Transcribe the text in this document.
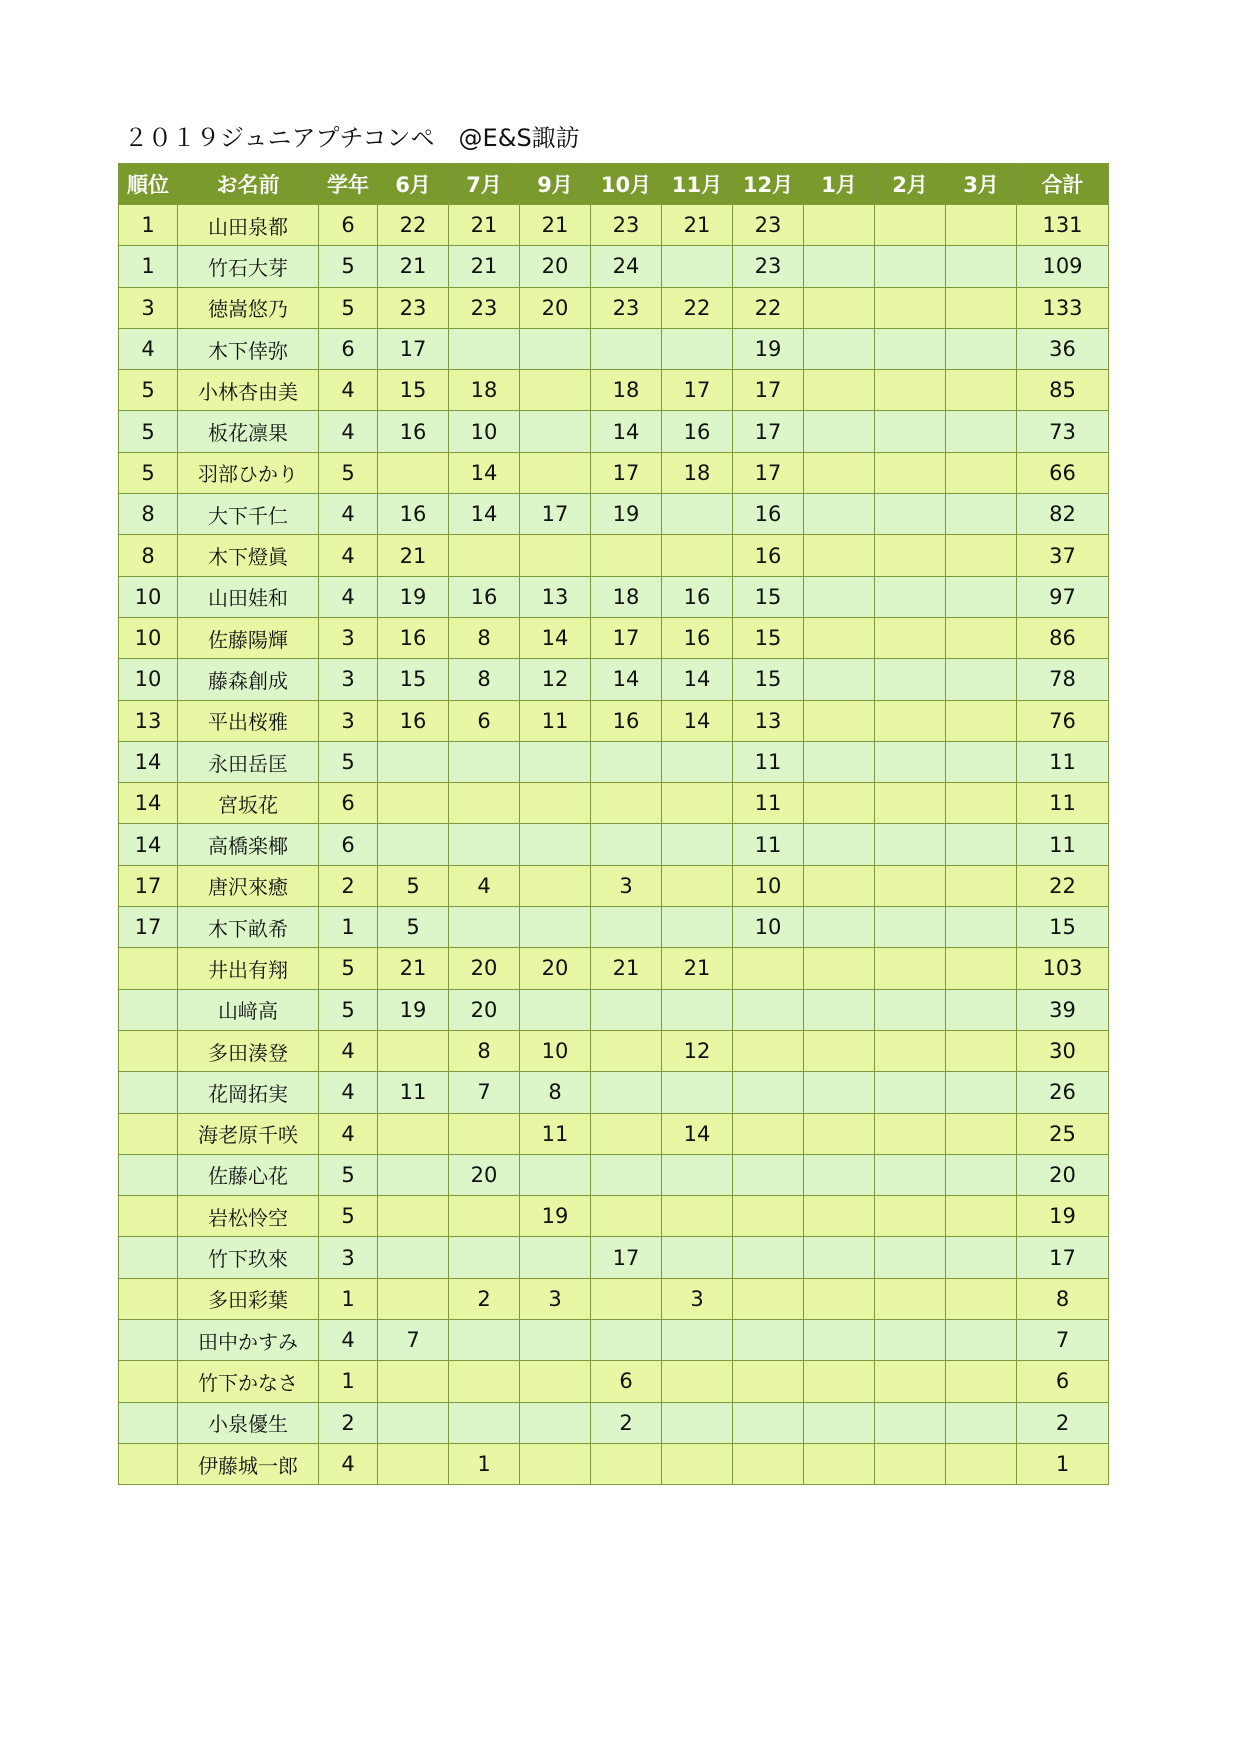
２０１９ジュニアプチコンペ　@E&S諏訪
順位	お名前	学年	6月	7月	9月	10月	11月	12月	1月	2月	3月	合計
1	山田泉都	6	22	21	21	23	21	23				131
1	竹石大芽	5	21	21	20	24		23				109
3	徳嵩悠乃	5	23	23	20	23	22	22				133
4	木下倖弥	6	17					19				36
5	小林杏由美	4	15	18		18	17	17				85
5	板花凛果	4	16	10		14	16	17				73
5	羽部ひかり	5		14		17	18	17				66
8	大下千仁	4	16	14	17	19		16				82
8	木下燈眞	4	21					16				37
10	山田娃和	4	19	16	13	18	16	15				97
10	佐藤陽輝	3	16	8	14	17	16	15				86
10	藤森創成	3	15	8	12	14	14	15				78
13	平出桜雅	3	16	6	11	16	14	13				76
14	永田岳匡	5						11				11
14	宮坂花	6						11				11
14	高橋楽椰	6						11				11
17	唐沢來癒	2	5	4		3		10				22
17	木下畝希	1	5					10				15
	井出有翔	5	21	20	20	21	21					103
	山﨑高	5	19	20								39
	多田湊登	4		8	10		12					30
	花岡拓実	4	11	7	8							26
	海老原千咲	4			11		14					25
	佐藤心花	5		20								20
	岩松怜空	5			19							19
	竹下玖來	3				17						17
	多田彩葉	1		2	3		3					8
	田中かすみ	4	7									7
	竹下かなさ	1				6						6
	小泉優生	2				2						2
	伊藤城一郎	4		1								1
